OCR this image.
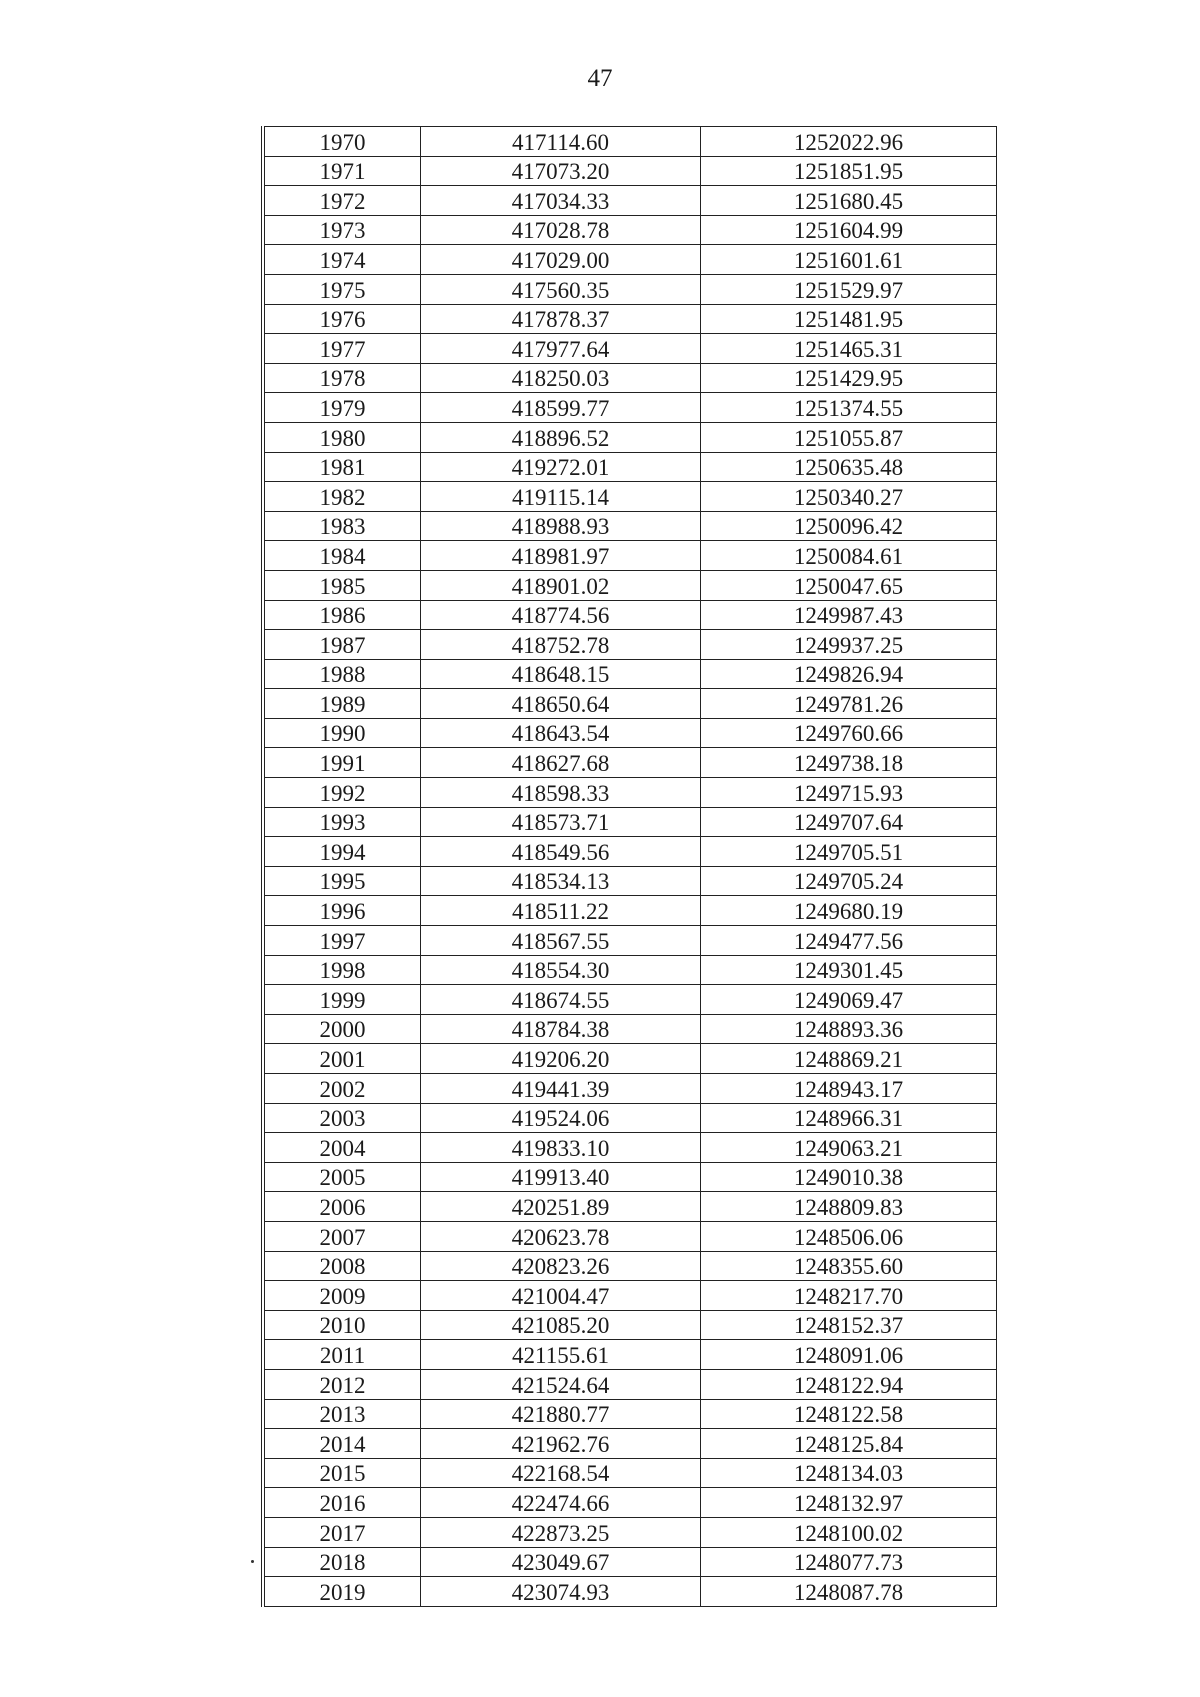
47
1970	417114.60	1252022.96
1971	417073.20	1251851.95
1972	417034.33	1251680.45
1973	417028.78	1251604.99
1974	417029.00	1251601.61
1975	417560.35	1251529.97
1976	417878.37	1251481.95
1977	417977.64	1251465.31
1978	418250.03	1251429.95
1979	418599.77	1251374.55
1980	418896.52	1251055.87
1981	419272.01	1250635.48
1982	419115.14	1250340.27
1983	418988.93	1250096.42
1984	418981.97	1250084.61
1985	418901.02	1250047.65
1986	418774.56	1249987.43
1987	418752.78	1249937.25
1988	418648.15	1249826.94
1989	418650.64	1249781.26
1990	418643.54	1249760.66
1991	418627.68	1249738.18
1992	418598.33	1249715.93
1993	418573.71	1249707.64
1994	418549.56	1249705.51
1995	418534.13	1249705.24
1996	418511.22	1249680.19
1997	418567.55	1249477.56
1998	418554.30	1249301.45
1999	418674.55	1249069.47
2000	418784.38	1248893.36
2001	419206.20	1248869.21
2002	419441.39	1248943.17
2003	419524.06	1248966.31
2004	419833.10	1249063.21
2005	419913.40	1249010.38
2006	420251.89	1248809.83
2007	420623.78	1248506.06
2008	420823.26	1248355.60
2009	421004.47	1248217.70
2010	421085.20	1248152.37
2011	421155.61	1248091.06
2012	421524.64	1248122.94
2013	421880.77	1248122.58
2014	421962.76	1248125.84
2015	422168.54	1248134.03
2016	422474.66	1248132.97
2017	422873.25	1248100.02
2018	423049.67	1248077.73
2019	423074.93	1248087.78
